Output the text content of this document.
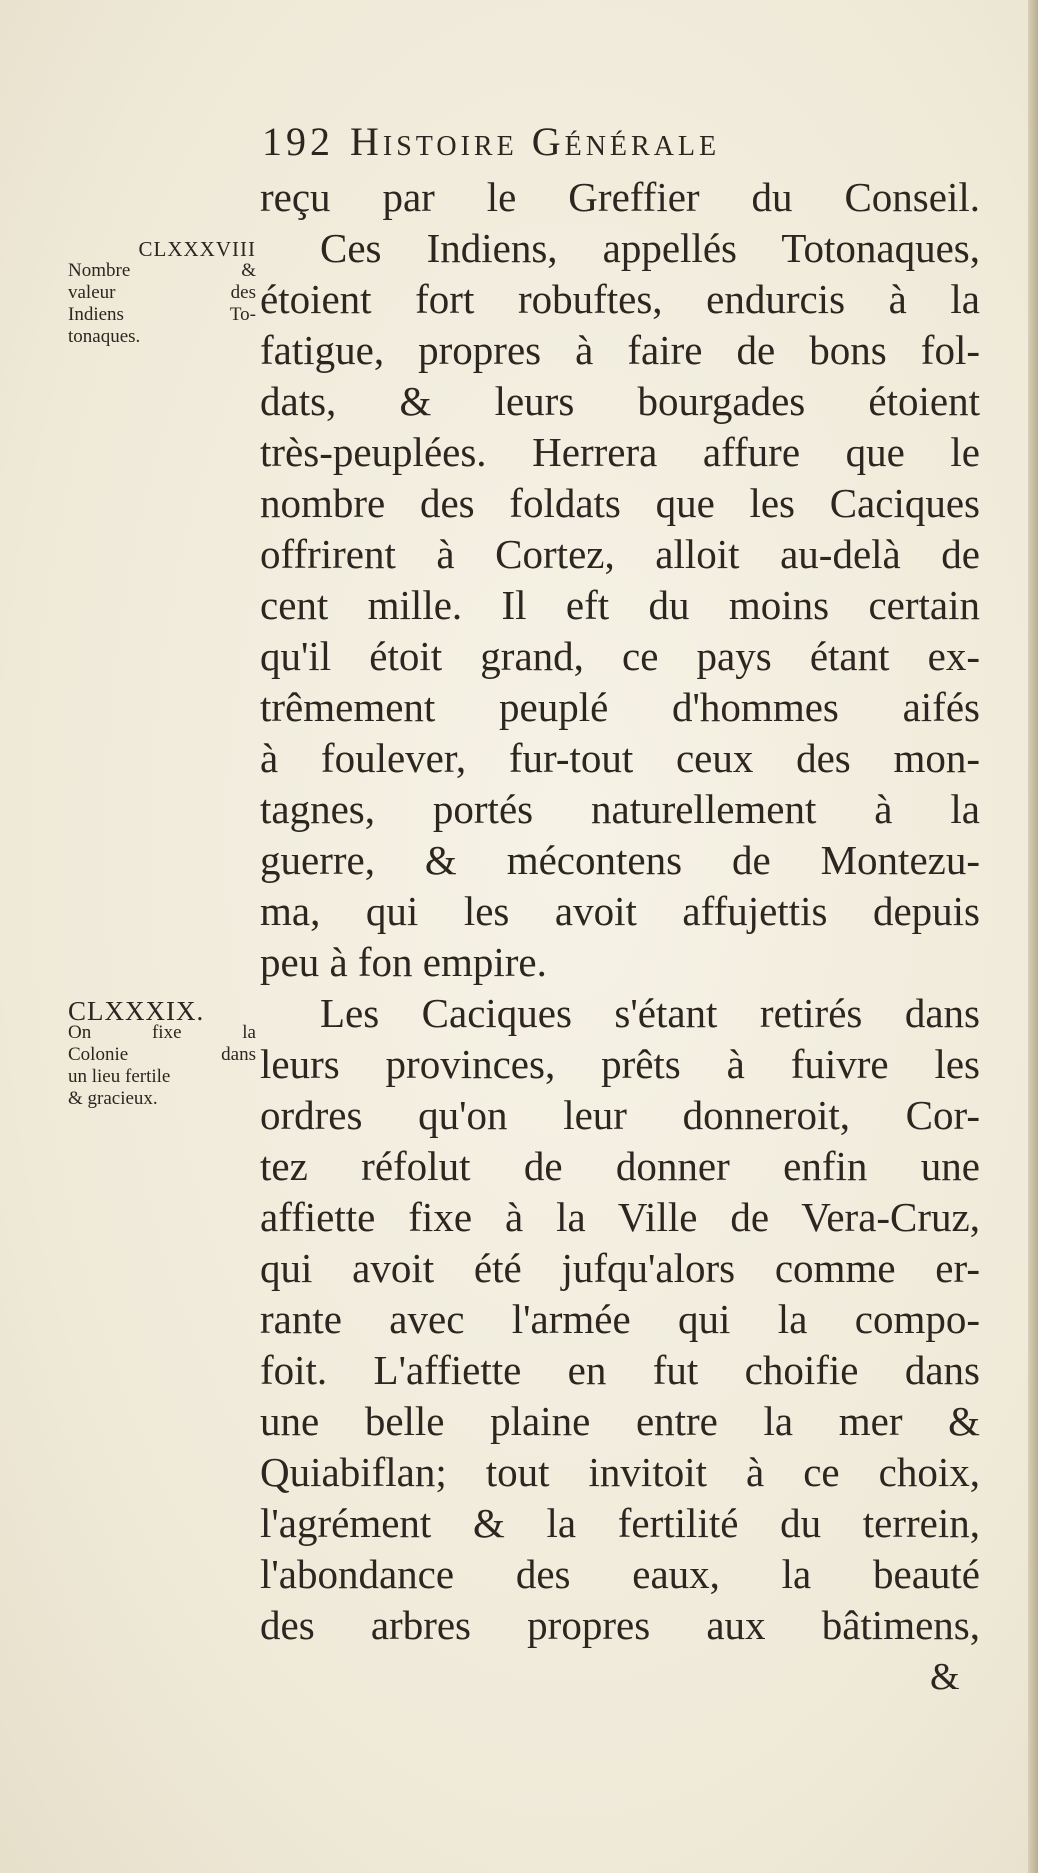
192 Histoire Générale
CLXXXVIII
Nombre &
valeur des
Indiens To-
tonaques.
CLXXXIX.
On fixe la
Colonie dans
un lieu fertile
& gracieux.
reçu par le Greffier du Conseil.
Ces Indiens, appellés Totonaques,
étoient fort robuftes, endurcis à la
fatigue, propres à faire de bons fol-
dats, & leurs bourgades étoient
très-peuplées. Herrera affure que le
nombre des foldats que les Caciques
offrirent à Cortez, alloit au-delà de
cent mille. Il eft du moins certain
qu'il étoit grand, ce pays étant ex-
trêmement peuplé d'hommes aifés
à foulever, fur-tout ceux des mon-
tagnes, portés naturellement à la
guerre, & mécontens de Montezu-
ma, qui les avoit affujettis depuis
peu à fon empire.
Les Caciques s'étant retirés dans
leurs provinces, prêts à fuivre les
ordres qu'on leur donneroit, Cor-
tez réfolut de donner enfin une
affiette fixe à la Ville de Vera-Cruz,
qui avoit été jufqu'alors comme er-
rante avec l'armée qui la compo-
foit. L'affiette en fut choifie dans
une belle plaine entre la mer &
Quiabiflan; tout invitoit à ce choix,
l'agrément & la fertilité du terrein,
l'abondance des eaux, la beauté
des arbres propres aux bâtimens,
&
